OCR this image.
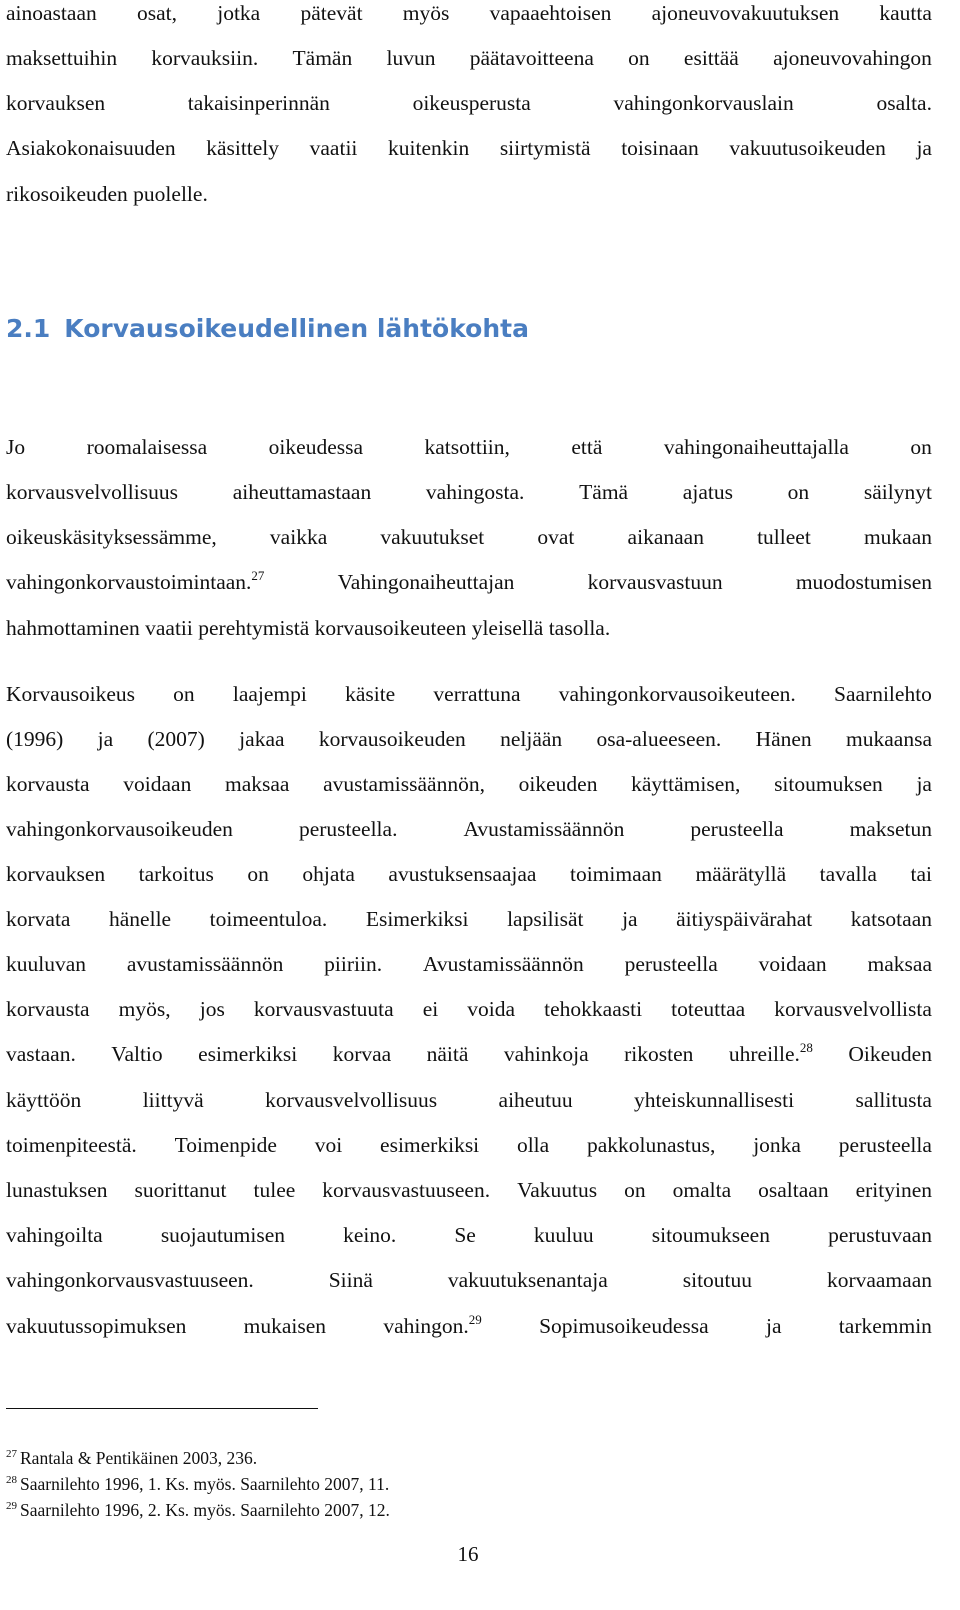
ainoastaan osat, jotka pätevät myös vapaaehtoisen ajoneuvovakuutuksen kautta
maksettuihin korvauksiin. Tämän luvun päätavoitteena on esittää ajoneuvovahingon
korvauksen	takaisinperinnän	oikeusperusta	vahingonkorvauslain	osalta.
Asiakokonaisuuden käsittely vaatii kuitenkin siirtymistä toisinaan vakuutusoikeuden ja
rikosoikeuden puolelle.
2.1 Korvausoikeudellinen lähtökohta
Jo	roomalaisessa	oikeudessa	katsottiin,	että	vahingonaiheuttajalla	on
korvausvelvollisuus	aiheuttamastaan	vahingosta.	Tämä	ajatus	on	säilynyt
oikeuskäsityksessämme, vaikka vakuutukset ovat aikanaan tulleet mukaan
vahingonkorvaustoimintaan.$^{27}$	Vahingonaiheuttajan	korvausvastuun	muodostumisen
hahmottaminen vaatii perehtymistä korvausoikeuteen yleisellä tasolla.
Korvausoikeus on laajempi käsite verrattuna vahingonkorvausoikeuteen. Saarnilehto
(1996) ja (2007) jakaa korvausoikeuden neljään osa-alueeseen. Hänen mukaansa
korvausta voidaan maksaa avustamissäännön, oikeuden käyttämisen, sitoumuksen ja
vahingonkorvausoikeuden	perusteella.	Avustamissäännön	perusteella	maksetun
korvauksen tarkoitus on ohjata avustuksensaajaa toimimaan määrätyllä tavalla tai
korvata hänelle toimeentuloa. Esimerkiksi lapsilisät ja äitiyspäivärahat katsotaan
kuuluvan avustamissäännön piiriin. Avustamissäännön perusteella voidaan maksaa
korvausta myös, jos korvausvastuuta ei voida tehokkaasti toteuttaa korvausvelvollista
vastaan. Valtio esimerkiksi korvaa näitä vahinkoja rikosten uhreille.$^{28}$ Oikeuden
käyttöön	liittyvä	korvausvelvollisuus	aiheutuu	yhteiskunnallisesti	sallitusta
toimenpiteestä. Toimenpide voi esimerkiksi olla pakkolunastus, jonka perusteella
lunastuksen suorittanut tulee korvausvastuuseen. Vakuutus on omalta osaltaan erityinen
vahingoilta	suojautumisen	keino.	Se	kuuluu	sitoumukseen	perustuvaan
vahingonkorvausvastuuseen.	Siinä	vakuutuksenantaja	sitoutuu	korvaamaan
vakuutussopimuksen	mukaisen	vahingon.$^{29}$	Sopimusoikeudessa	ja	tarkemmin
$^{27}$ Rantala & Pentikäinen 2003, 236.
$^{28}$ Saarnilehto 1996, 1. Ks. myös. Saarnilehto 2007, 11.
$^{29}$ Saarnilehto 1996, 2. Ks. myös. Saarnilehto 2007, 12.
16
